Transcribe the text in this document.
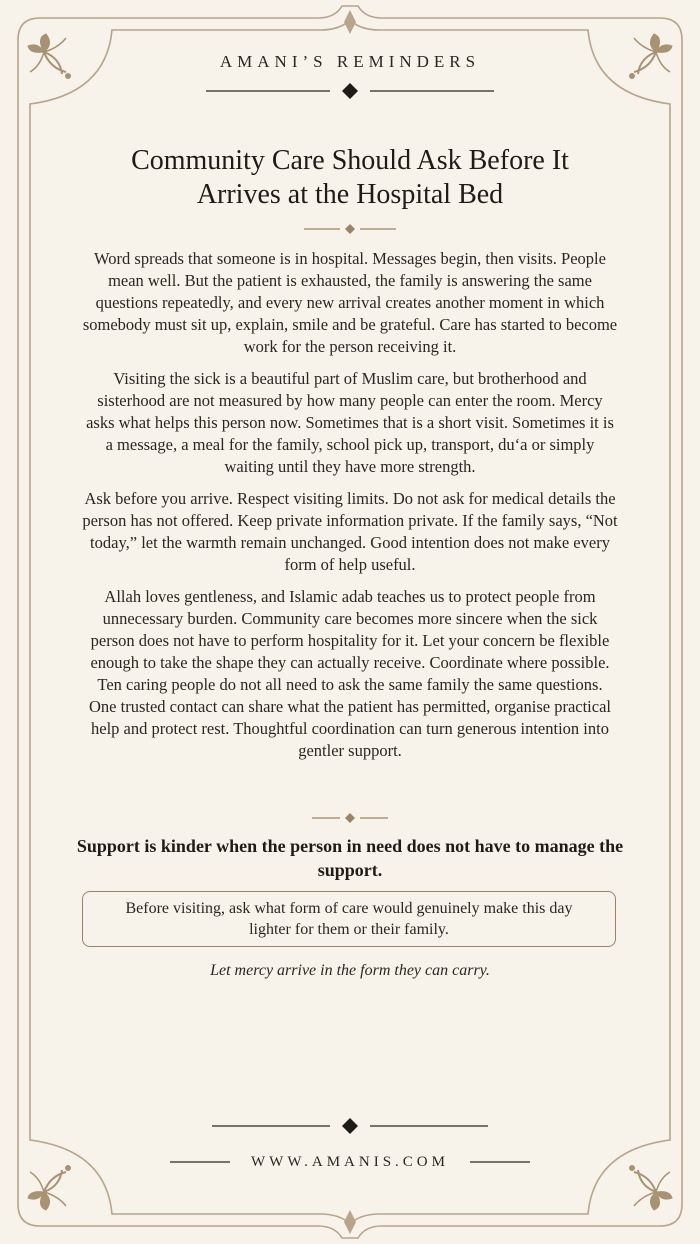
AMANI’S REMINDERS
Community Care Should Ask Before It
Arrives at the Hospital Bed

Word spreads that someone is in hospital. Messages begin, then visits. People mean well. But the patient is exhausted, the family is answering the same questions repeatedly, and every new arrival creates another moment in which somebody must sit up, explain, smile and be grateful. Care has started to become work for the person receiving it.

Visiting the sick is a beautiful part of Muslim care, but brotherhood and sisterhood are not measured by how many people can enter the room. Mercy asks what helps this person now. Sometimes that is a short visit. Sometimes it is a message, a meal for the family, school pick up, transport, du‘a or simply waiting until they have more strength.

Ask before you arrive. Respect visiting limits. Do not ask for medical details the person has not offered. Keep private information private. If the family says, “Not today,” let the warmth remain unchanged. Good intention does not make every form of help useful.

Allah loves gentleness, and Islamic adab teaches us to protect people from unnecessary burden. Community care becomes more sincere when the sick person does not have to perform hospitality for it. Let your concern be flexible enough to take the shape they can actually receive. Coordinate where possible. Ten caring people do not all need to ask the same family the same questions. One trusted contact can share what the patient has permitted, organise practical help and protect rest. Thoughtful coordination can turn generous intention into gentler support.

Support is kinder when the person in need does not have to manage the support.
Before visiting, ask what form of care would genuinely make this day lighter for them or their family.
Let mercy arrive in the form they can carry.
WWW.AMANIS.COM
